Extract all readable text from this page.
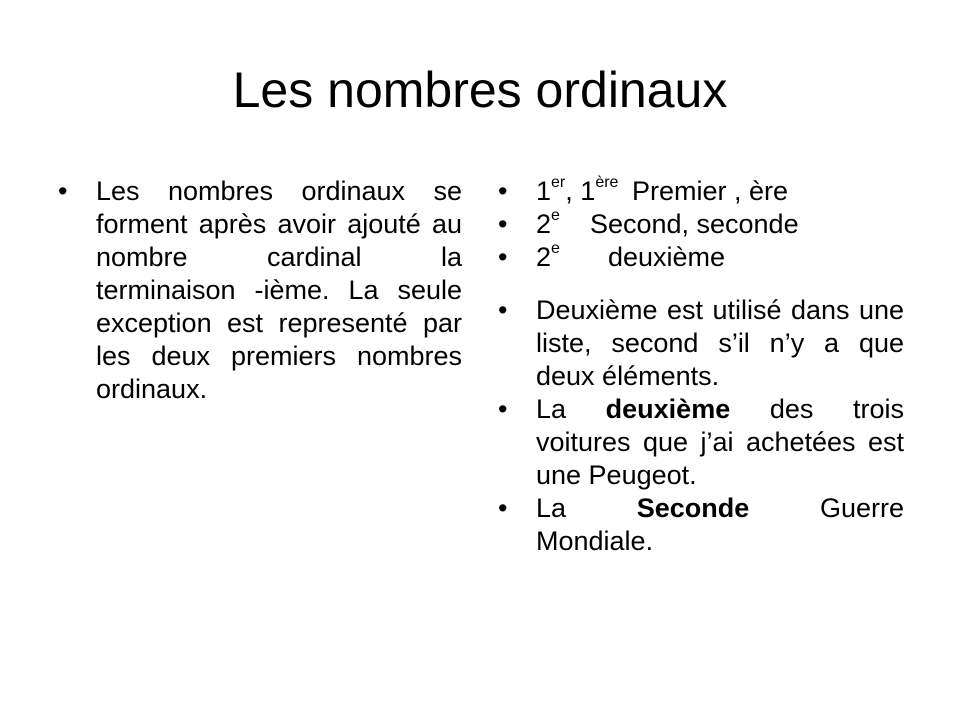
Les nombres ordinaux
• Les nombres ordinaux se forment après avoir ajouté au nombre cardinal la terminaison -ième. La seule exception est representé par les deux premiers nombres ordinaux.
• 1er, 1ère Premier , ère
• 2e Second, seconde
• 2e deuxième
• Deuxième est utilisé dans une liste, second s’il n’y a que deux éléments.
• La deuxième des trois voitures que j’ai achetées est une Peugeot.
• La	Seconde	Guerre
Mondiale.
